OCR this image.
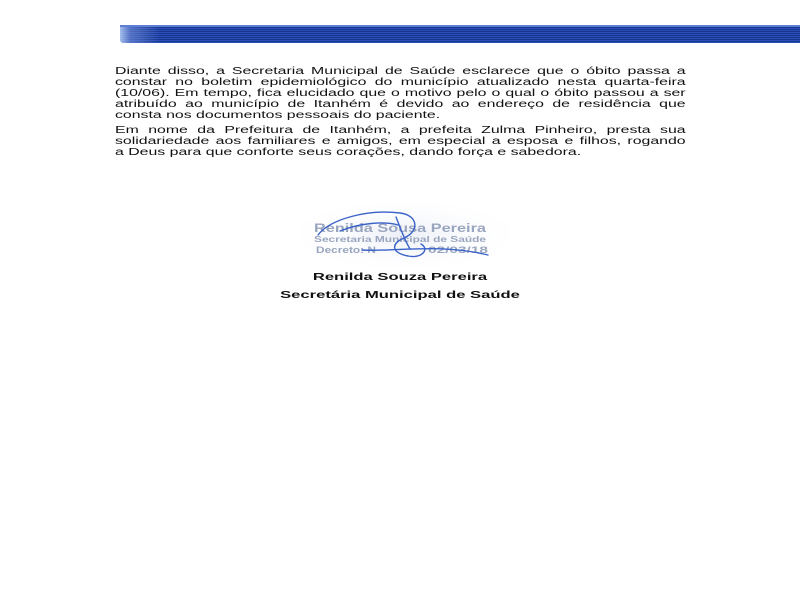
Diante disso, a Secretaria Municipal de Saúde esclarece que o óbito passa a
constar no boletim epidemiológico do município atualizado nesta quarta-feira
(10/06). Em tempo, fica elucidado que o motivo pelo o qual o óbito passou a ser
atribuído ao município de Itanhém é devido ao endereço de residência que
consta nos documentos pessoais do paciente.
Em nome da Prefeitura de Itanhém, a prefeita Zulma Pinheiro, presta sua
solidariedade aos familiares e amigos, em especial a esposa e filhos, rogando
a Deus para que conforte seus corações, dando força e sabedora.
Renilda Sousa Pereira
Secretaria Municipal de Saúde
Decreto: N	02/03/18
Renilda Souza Pereira
Secretária Municipal de Saúde
